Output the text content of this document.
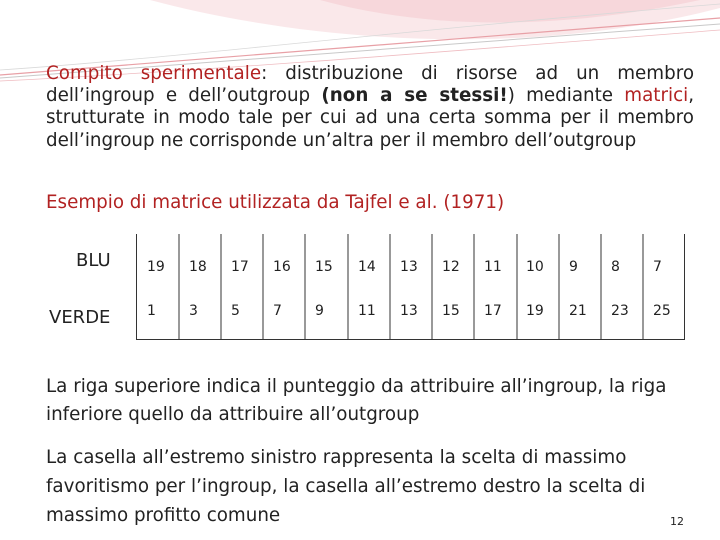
Compito sperimentale: distribuzione di risorse ad un membro dell’ingroup e dell’outgroup (non a se stessi!) mediante matrici, strutturate in modo tale per cui ad una certa somma per il membro dell’ingroup ne corrisponde un’altra per il membro dell’outgroup

Esempio di matrice utilizzata da Tajfel e al. (1971)

BLU

VERDE

19 18 17 16 15 14 13 12 11 10 9 8 7
1 3 5 7 9 11 13 15 17 19 21 23 25

La riga superiore indica il punteggio da attribuire all’ingroup, la riga inferiore quello da attribuire all’outgroup

La casella all’estremo sinistro rappresenta la scelta di massimo favoritismo per l’ingroup, la casella all’estremo destro la scelta di massimo profitto comune	12
